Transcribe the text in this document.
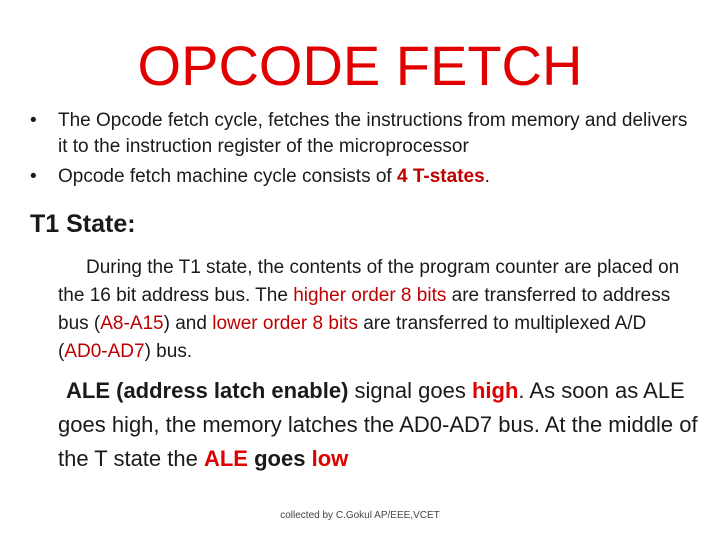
OPCODE FETCH
•	The Opcode fetch cycle, fetches the instructions from memory and delivers it to the instruction register of the microprocessor
•	Opcode fetch machine cycle consists of 4 T-states.
T1 State:
During the T1 state, the contents of the program counter are placed on the 16 bit address bus. The higher order 8 bits are transferred to address bus (A8-A15) and lower order 8 bits are transferred to multiplexed A/D (AD0-AD7) bus.
ALE (address latch enable) signal goes high. As soon as ALE goes high, the memory latches the AD0-AD7 bus. At the middle of the T state the ALE goes low
collected by C.Gokul AP/EEE,VCET
